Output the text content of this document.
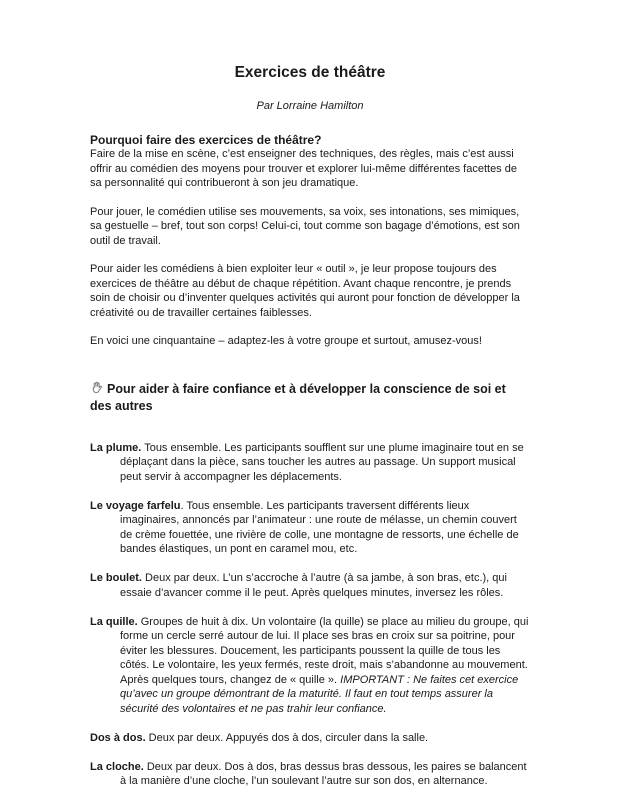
Exercices de théâtre

Par Lorraine Hamilton

Pourquoi faire des exercices de théâtre?

Faire de la mise en scène, c’est enseigner des techniques, des règles, mais c’est aussi offrir au comédien des moyens pour trouver et explorer lui-même différentes facettes de sa personnalité qui contribueront à son jeu dramatique.

Pour jouer, le comédien utilise ses mouvements, sa voix, ses intonations, ses mimiques, sa gestuelle – bref, tout son corps! Celui-ci, tout comme son bagage d’émotions, est son outil de travail.

Pour aider les comédiens à bien exploiter leur « outil », je leur propose toujours des exercices de théâtre au début de chaque répétition. Avant chaque rencontre, je prends soin de choisir ou d’inventer quelques activités qui auront pour fonction de développer la créativité ou de travailler certaines faiblesses.

En voici une cinquantaine – adaptez-les à votre groupe et surtout, amusez-vous!

Pour aider à faire confiance et à développer la conscience de soi et des autres

La plume. Tous ensemble. Les participants soufflent sur une plume imaginaire tout en se déplaçant dans la pièce, sans toucher les autres au passage. Un support musical peut servir à accompagner les déplacements.

Le voyage farfelu. Tous ensemble. Les participants traversent différents lieux imaginaires, annoncés par l’animateur : une route de mélasse, un chemin couvert de crème fouettée, une rivière de colle, une montagne de ressorts, une échelle de bandes élastiques, un pont en caramel mou, etc.

Le boulet. Deux par deux. L’un s’accroche à l’autre (à sa jambe, à son bras, etc.), qui essaie d’avancer comme il le peut. Après quelques minutes, inversez les rôles.

La quille. Groupes de huit à dix. Un volontaire (la quille) se place au milieu du groupe, qui forme un cercle serré autour de lui. Il place ses bras en croix sur sa poitrine, pour éviter les blessures. Doucement, les participants poussent la quille de tous les côtés. Le volontaire, les yeux fermés, reste droit, mais s’abandonne au mouvement. Après quelques tours, changez de « quille ». IMPORTANT : Ne faites cet exercice qu’avec un groupe démontrant de la maturité. Il faut en tout temps assurer la sécurité des volontaires et ne pas trahir leur confiance.

Dos à dos. Deux par deux. Appuyés dos à dos, circuler dans la salle.

La cloche. Deux par deux. Dos à dos, bras dessus bras dessous, les paires se balancent à la manière d’une cloche, l’un soulevant l’autre sur son dos, en alternance.
